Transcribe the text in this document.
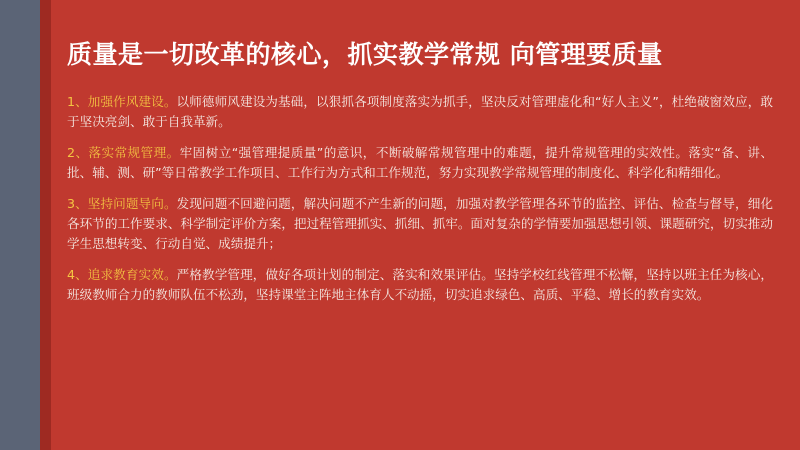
质量是一切改革的核心，抓实教学常规 向管理要质量

1、加强作风建设。以师德师风建设为基础，以狠抓各项制度落实为抓手，坚决反对管理虚化和“好人主义”，杜绝破窗效应，敢于坚决亮剑、敢于自我革新。

2、落实常规管理。牢固树立“强管理提质量”的意识，不断破解常规管理中的难题，提升常规管理的实效性。落实“备、讲、批、辅、测、研”等日常教学工作项目、工作行为方式和工作规范，努力实现教学常规管理的制度化、科学化和精细化。

3、坚持问题导向。发现问题不回避问题，解决问题不产生新的问题，加强对教学管理各环节的监控、评估、检查与督导，细化各环节的工作要求、科学制定评价方案，把过程管理抓实、抓细、抓牢。面对复杂的学情要加强思想引领、课题研究，切实推动学生思想转变、行动自觉、成绩提升；

4、追求教育实效。严格教学管理，做好各项计划的制定、落实和效果评估。坚持学校红线管理不松懈，坚持以班主任为核心，班级教师合力的教师队伍不松劲，坚持课堂主阵地主体育人不动摇，切实追求绿色、高质、平稳、增长的教育实效。
